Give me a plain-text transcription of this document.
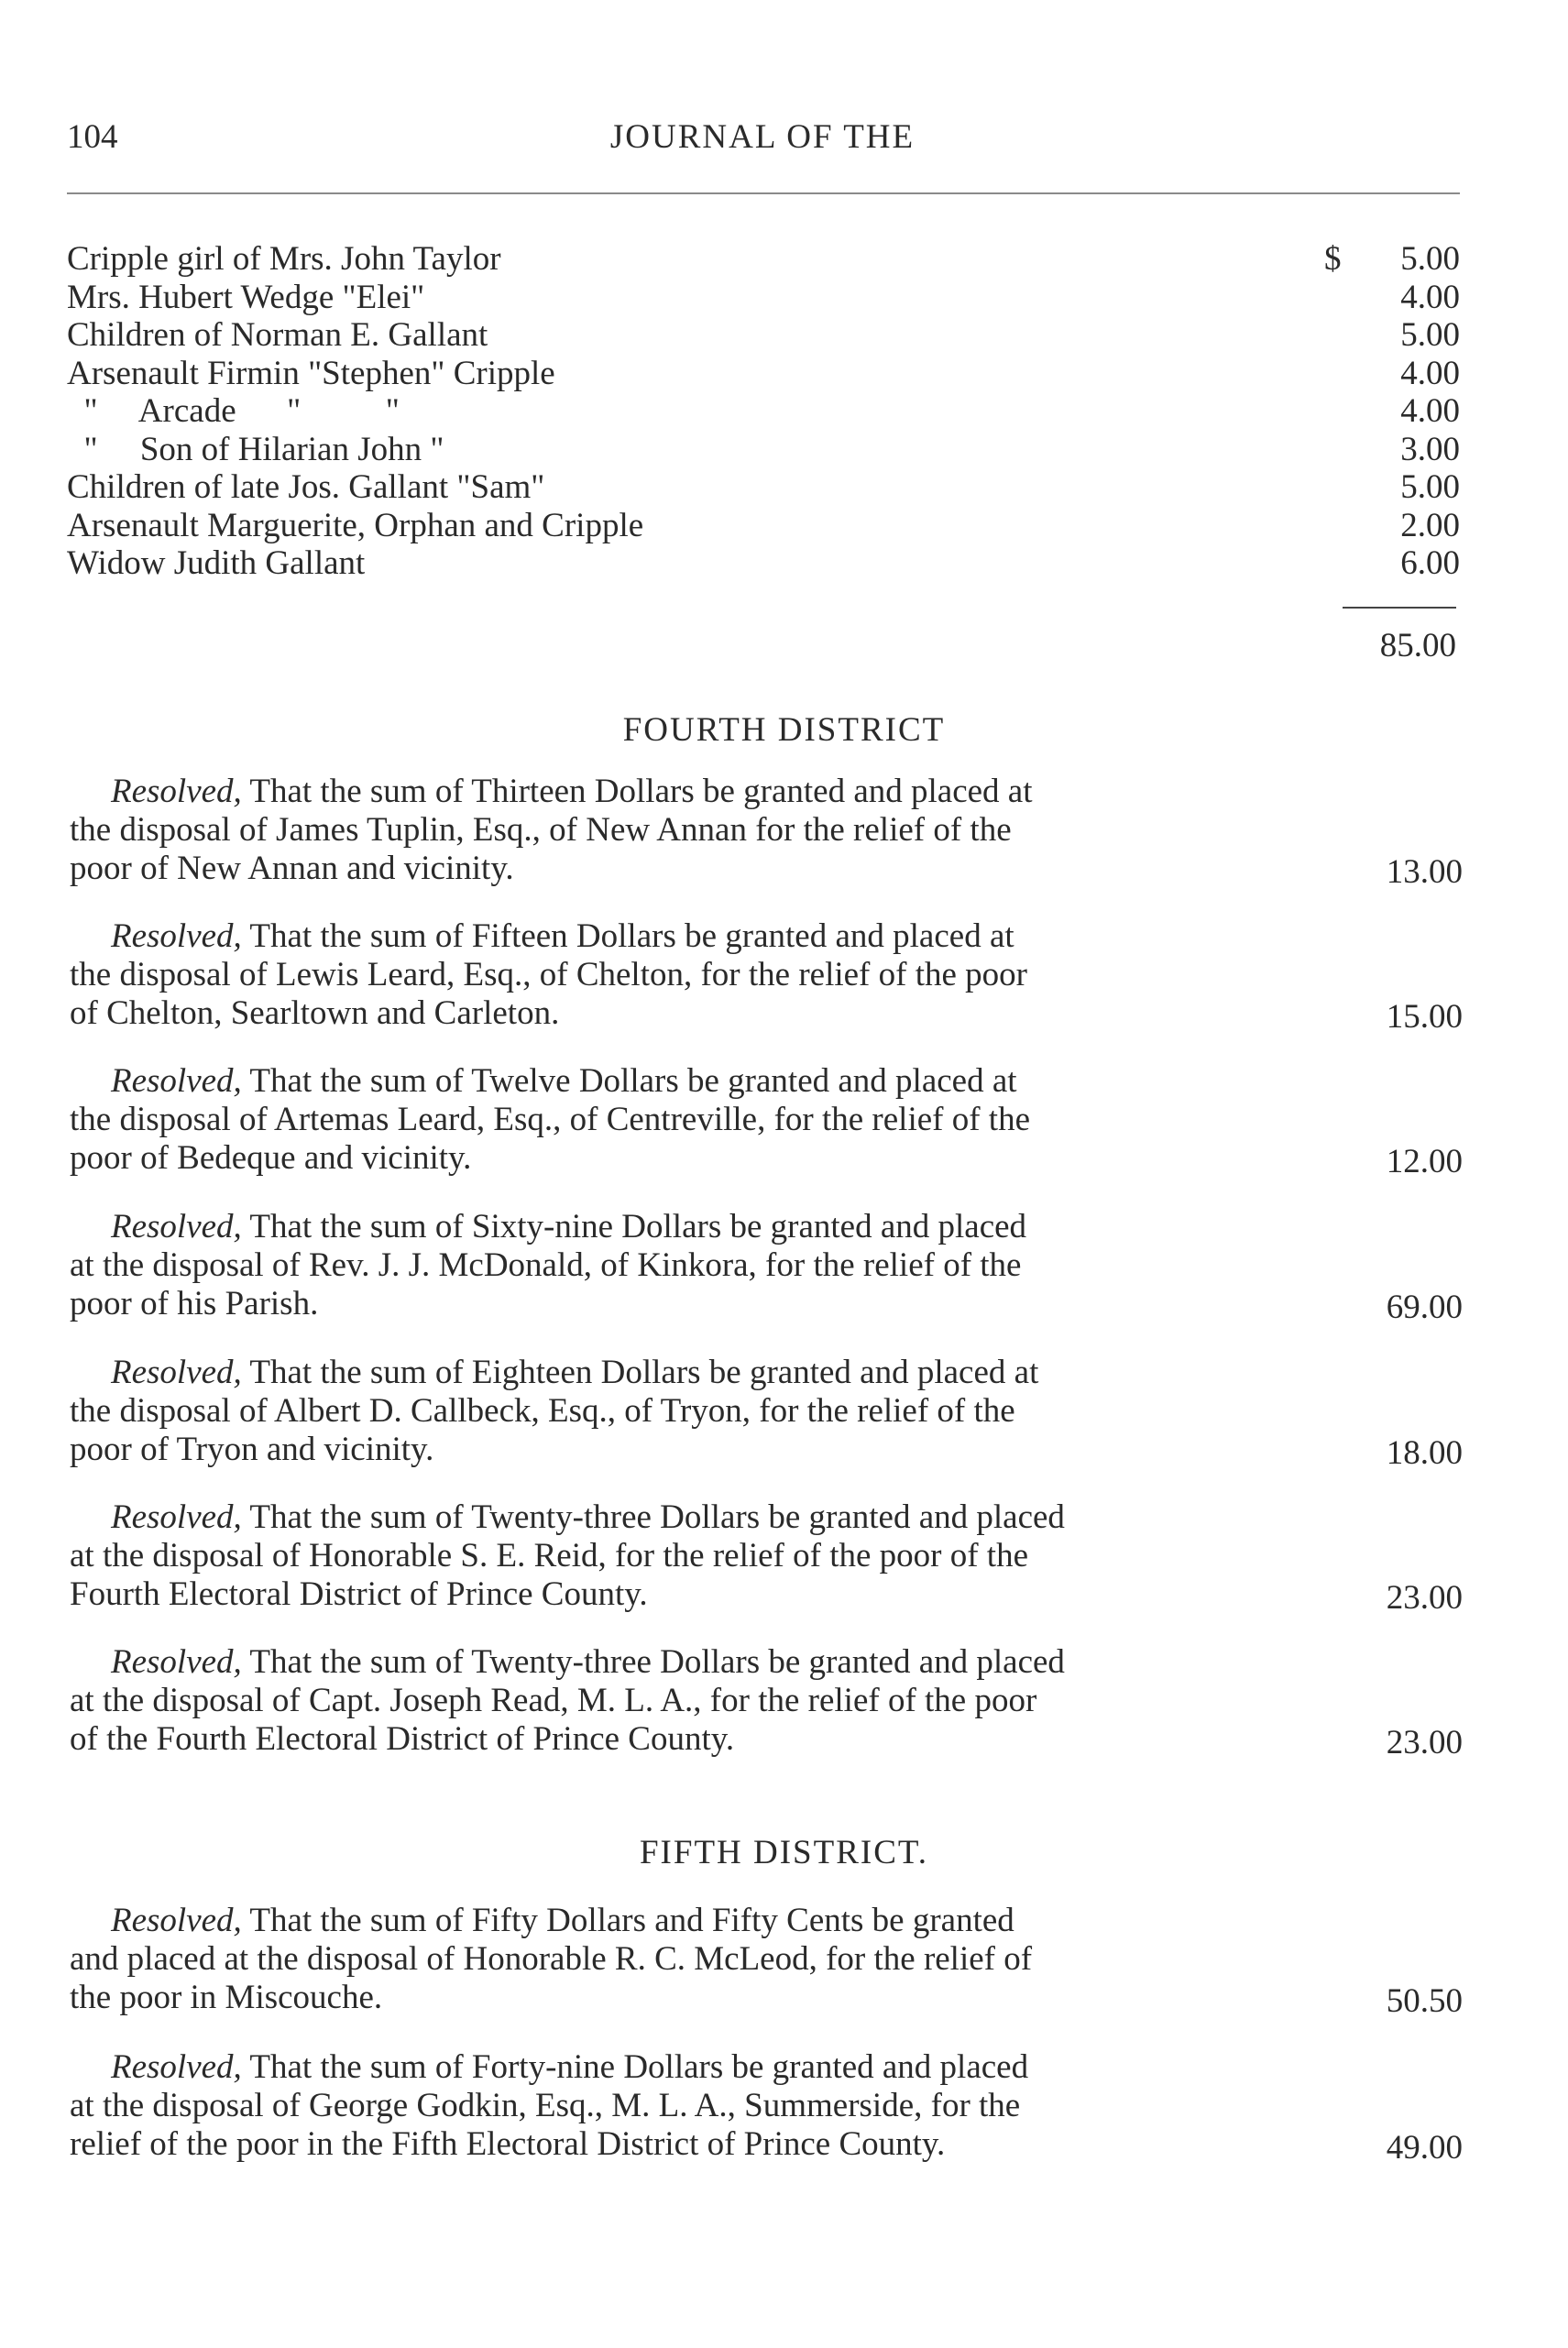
104	JOURNAL OF THE
Cripple girl of Mrs. John Taylor	$	5.00
Mrs. Hubert Wedge "Elei"	4.00
Children of Norman E. Gallant	5.00
Arsenault Firmin "Stephen" Cripple	4.00
"     Arcade      "          "	4.00
"     Son of Hilarian John "	3.00
Children of late Jos. Gallant "Sam"	5.00
Arsenault Marguerite, Orphan and Cripple	2.00
Widow Judith Gallant	6.00
85.00
FOURTH DISTRICT
Resolved, That the sum of Thirteen Dollars be granted and placed at
the disposal of James Tuplin, Esq., of New Annan for the relief of the
poor of New Annan and vicinity.	13.00
Resolved, That the sum of Fifteen Dollars be granted and placed at
the disposal of Lewis Leard, Esq., of Chelton, for the relief of the poor
of Chelton, Searltown and Carleton.	15.00
Resolved, That the sum of Twelve Dollars be granted and placed at
the disposal of Artemas Leard, Esq., of Centreville, for the relief of the
poor of Bedeque and vicinity.	12.00
Resolved, That the sum of Sixty-nine Dollars be granted and placed
at the disposal of Rev. J. J. McDonald, of Kinkora, for the relief of the
poor of his Parish.	69.00
Resolved, That the sum of Eighteen Dollars be granted and placed at
the disposal of Albert D. Callbeck, Esq., of Tryon, for the relief of the
poor of Tryon and vicinity.	18.00
Resolved, That the sum of Twenty-three Dollars be granted and placed
at the disposal of Honorable S. E. Reid, for the relief of the poor of the
Fourth Electoral District of Prince County.	23.00
Resolved, That the sum of Twenty-three Dollars be granted and placed
at the disposal of Capt. Joseph Read, M. L. A., for the relief of the poor
of the Fourth Electoral District of Prince County.	23.00
FIFTH DISTRICT.
Resolved, That the sum of Fifty Dollars and Fifty Cents be granted
and placed at the disposal of Honorable R. C. McLeod, for the relief of
the poor in Miscouche.	50.50
Resolved, That the sum of Forty-nine Dollars be granted and placed
at the disposal of George Godkin, Esq., M. L. A., Summerside, for the
relief of the poor in the Fifth Electoral District of Prince County.	49.00
